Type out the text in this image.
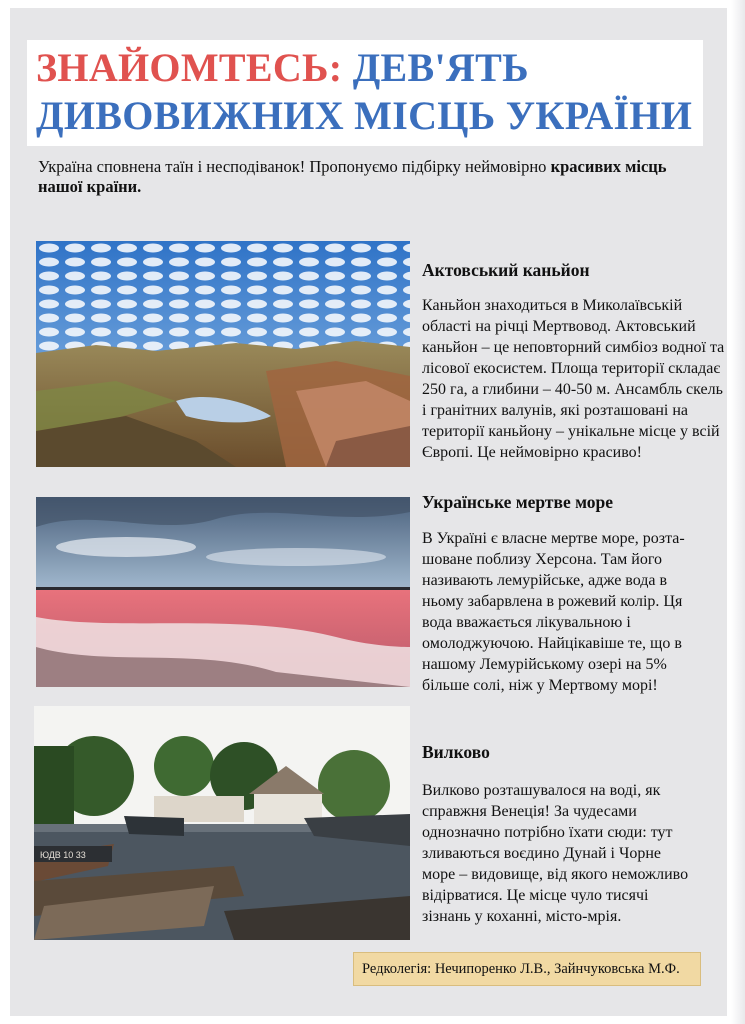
ЗНАЙОМТЕСЬ: ДЕВ'ЯТЬ
ДИВОВИЖНИХ МІСЦЬ УКРАЇНИ
Україна сповнена таїн і несподіванок! Пропонуємо підбірку неймовірно красивих місць нашої країни.
ЮДВ 10 33
Актовський каньйон
Каньйон знаходиться в Миколаївській області на річці Мертвовод. Актовський каньйон – це неповторний симбіоз водної та лісової екосистем. Площа території складає 250 га, а глибини – 40-50 м. Ансамбль скель і гранітних валунів, які розташовані на території каньйону – унікальне місце у всій Європі. Це неймовірно красиво!
Українське мертве море
В Україні є власне мертве море, розта-
шоване поблизу Херсона. Там його
називають лемурійське, адже вода в
ньому забарвлена в рожевий колір. Ця
вода вважається лікувальною і
омолоджуючою. Найцікавіше те, що в
нашому Лемурійському озері на 5%
більше солі, ніж у Мертвому морі!
Вилково
Вилково розташувалося на воді, як
справжня Венеція! За чудесами
однозначно потрібно їхати сюди: тут
зливаються воєдино Дунай і Чорне
море – видовище, від якого неможливо
відірватися. Це місце чуло тисячі
зізнань у коханні, місто-мрія.
Редколегія: Нечипоренко Л.В., Зайнчуковська М.Ф.
